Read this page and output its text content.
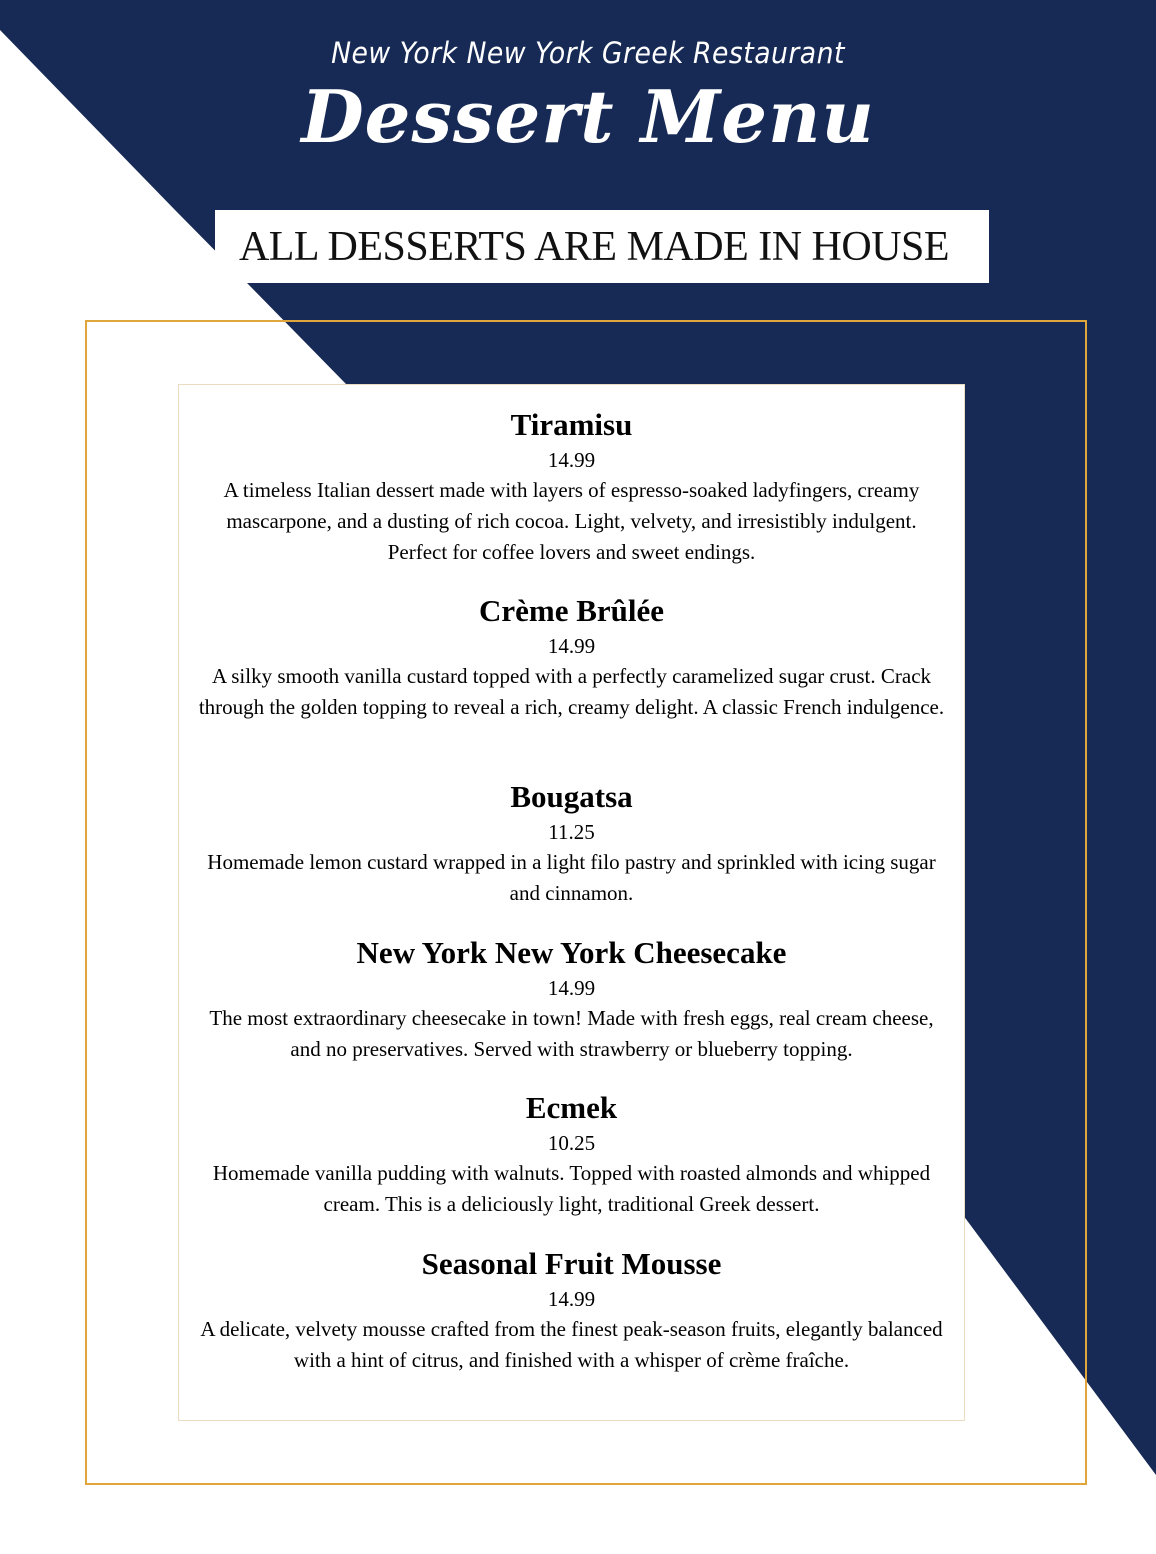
New York New York Greek Restaurant
Dessert Menu
ALL DESSERTS ARE MADE IN HOUSE
Tiramisu
14.99
A timeless Italian dessert made with layers of espresso-soaked ladyfingers, creamy mascarpone, and a dusting of rich cocoa. Light, velvety, and irresistibly indulgent. Perfect for coffee lovers and sweet endings.
Crème Brûlée
14.99
A silky smooth vanilla custard topped with a perfectly caramelized sugar crust. Crack through the golden topping to reveal a rich, creamy delight. A classic French indulgence.
Bougatsa
11.25
Homemade lemon custard wrapped in a light filo pastry and sprinkled with icing sugar and cinnamon.
New York New York Cheesecake
14.99
The most extraordinary cheesecake in town! Made with fresh eggs, real cream cheese, and no preservatives. Served with strawberry or blueberry topping.
Ecmek
10.25
Homemade vanilla pudding with walnuts. Topped with roasted almonds and whipped cream. This is a deliciously light, traditional Greek dessert.
Seasonal Fruit Mousse
14.99
A delicate, velvety mousse crafted from the finest peak-season fruits, elegantly balanced with a hint of citrus, and finished with a whisper of crème fraîche.
